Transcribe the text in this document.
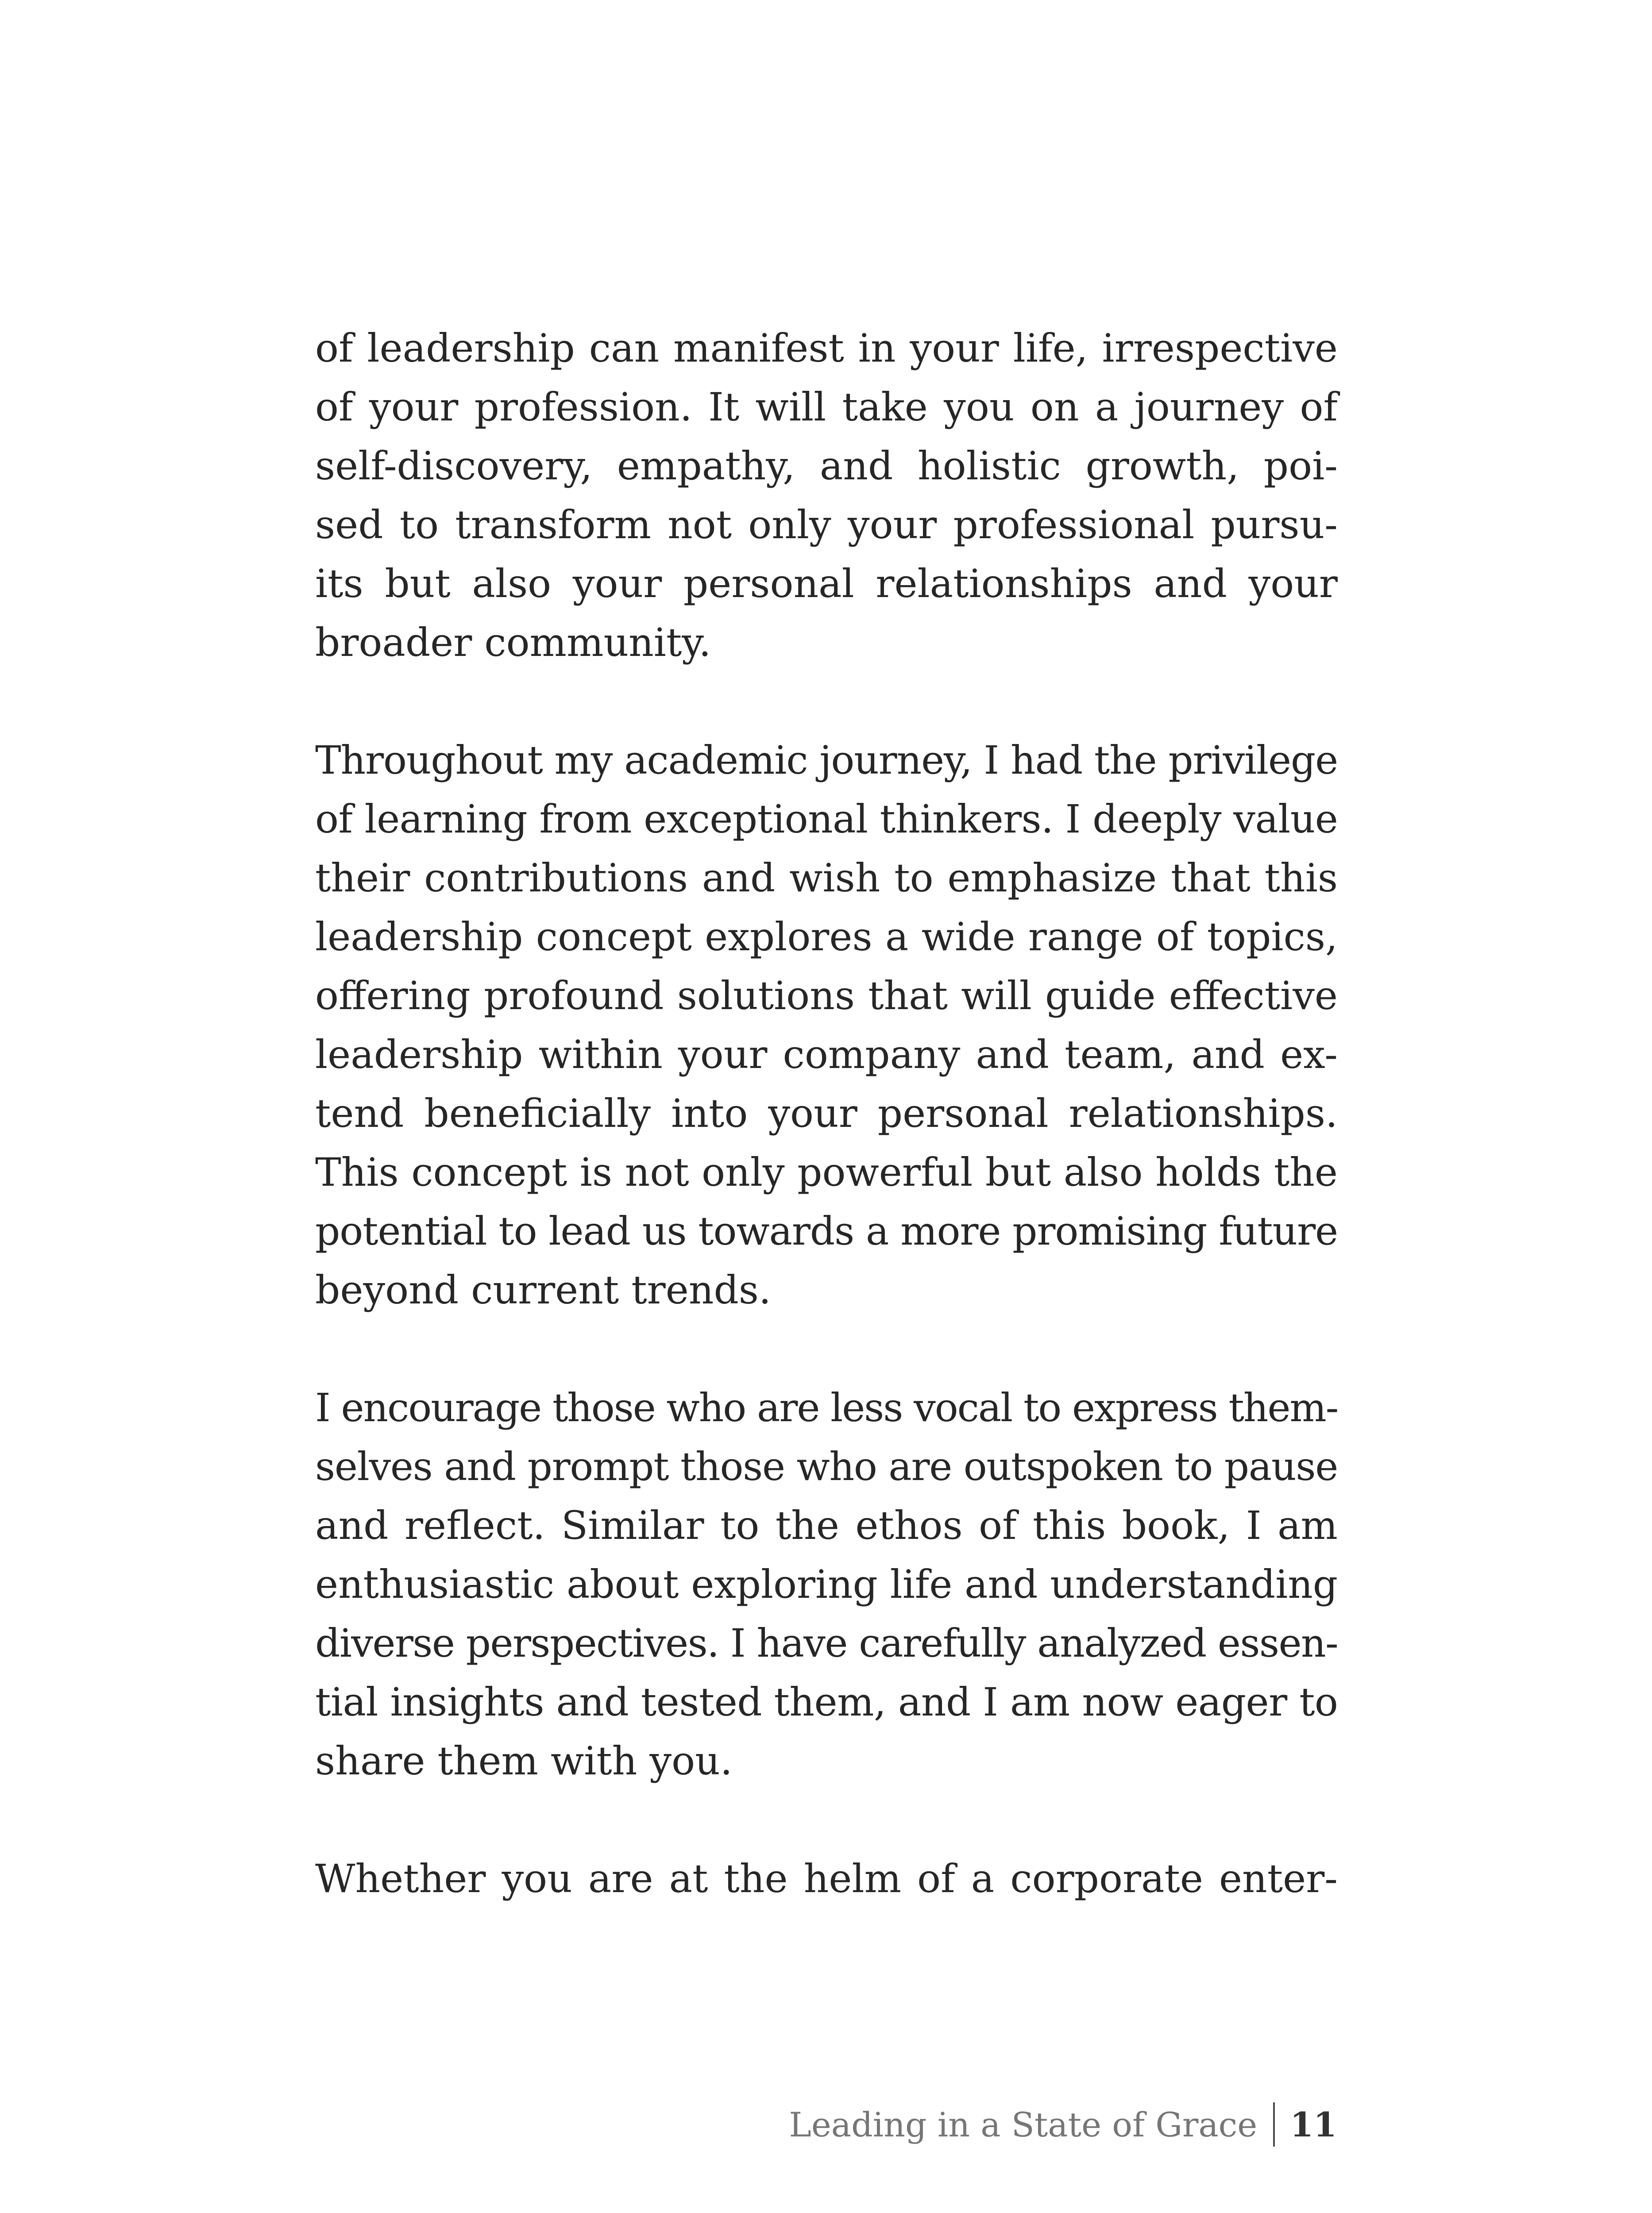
of leadership can manifest in your life, irrespective
of your profession. It will take you on a journey of
self-discovery, empathy, and holistic growth, poi-
sed to transform not only your professional pursu-
its but also your personal relationships and your
broader community.
Throughout my academic journey, I had the privilege
of learning from exceptional thinkers. I deeply value
their contributions and wish to emphasize that this
leadership concept explores a wide range of topics,
offering profound solutions that will guide effective
leadership within your company and team, and ex-
tend beneficially into your personal relationships.
This concept is not only powerful but also holds the
potential to lead us towards a more promising future
beyond current trends.
I encourage those who are less vocal to express them-
selves and prompt those who are outspoken to pause
and reflect. Similar to the ethos of this book, I am
enthusiastic about exploring life and understanding
diverse perspectives. I have carefully analyzed essen-
tial insights and tested them, and I am now eager to
share them with you.
Whether you are at the helm of a corporate enter-
Leading in a State of Grace 11
